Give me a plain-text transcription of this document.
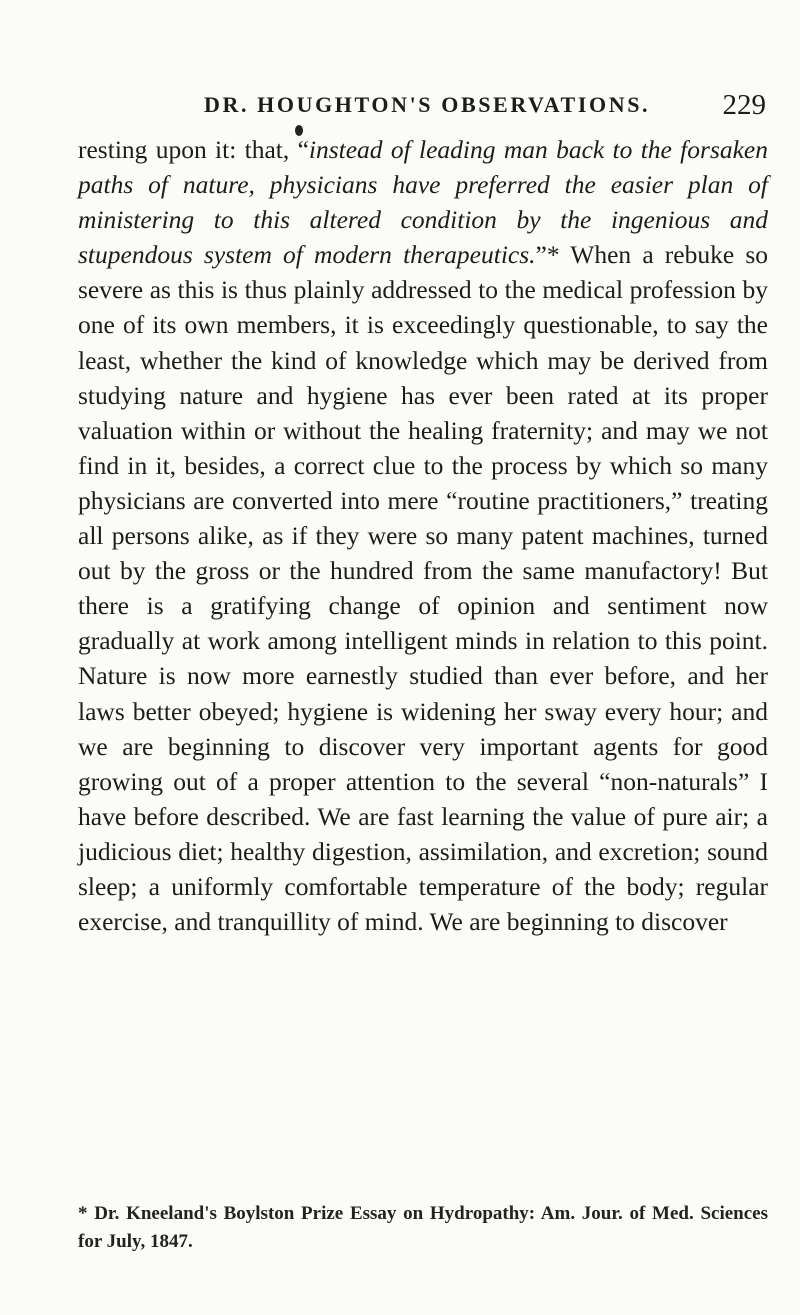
DR. HOUGHTON'S OBSERVATIONS. 229

resting upon it: that, “instead of leading man back to the forsaken paths of nature, physicians have preferred the easier plan of ministering to this altered condition by the ingenious and stupendous system of modern therapeutics.”* When a rebuke so severe as this is thus plainly addressed to the medical profession by one of its own members, it is exceedingly questionable, to say the least, whether the kind of knowledge which may be derived from studying nature and hygiene has ever been rated at its proper valuation within or without the healing fraternity; and may we not find in it, besides, a correct clue to the process by which so many physicians are converted into mere “routine practitioners,” treating all persons alike, as if they were so many patent machines, turned out by the gross or the hundred from the same manufactory! But there is a gratifying change of opinion and sentiment now gradually at work among intelligent minds in relation to this point. Nature is now more earnestly studied than ever before, and her laws better obeyed; hygiene is widening her sway every hour; and we are beginning to discover very important agents for good growing out of a proper attention to the several “non-naturals” I have before described. We are fast learning the value of pure air; a judicious diet; healthy digestion, assimilation, and excretion; sound sleep; a uniformly comfortable temperature of the body; regular exercise, and tranquillity of mind. We are beginning to discover

* Dr. Kneeland's Boylston Prize Essay on Hydropathy: Am. Jour. of Med. Sciences for July, 1847.
